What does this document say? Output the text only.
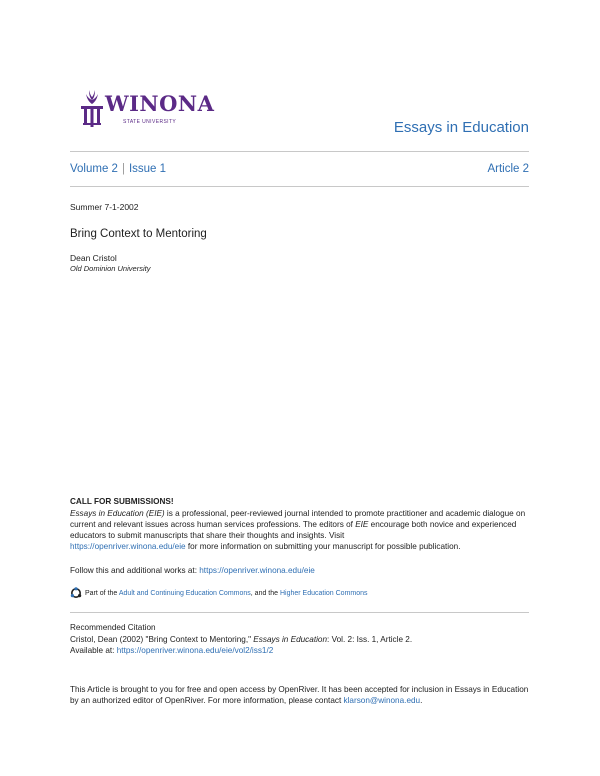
WINONA
STATE UNIVERSITY	Essays in Education
Volume 2 | Issue 1	Article 2
Summer 7-1-2002
Bring Context to Mentoring
Dean Cristol
Old Dominion University
CALL FOR SUBMISSIONS!
Essays in Education (EIE) is a professional, peer-reviewed journal intended to promote practitioner and academic dialogue on current and relevant issues across human services professions. The editors of EIE encourage both novice and experienced educators to submit manuscripts that share their thoughts and insights. Visit
https://openriver.winona.edu/eie for more information on submitting your manuscript for possible publication.
Follow this and additional works at: https://openriver.winona.edu/eie
Part of the Adult and Continuing Education Commons, and the Higher Education Commons
Recommended Citation
Cristol, Dean (2002) "Bring Context to Mentoring," Essays in Education: Vol. 2: Iss. 1, Article 2.
Available at: https://openriver.winona.edu/eie/vol2/iss1/2
This Article is brought to you for free and open access by OpenRiver. It has been accepted for inclusion in Essays in Education by an authorized editor of OpenRiver. For more information, please contact klarson@winona.edu.
